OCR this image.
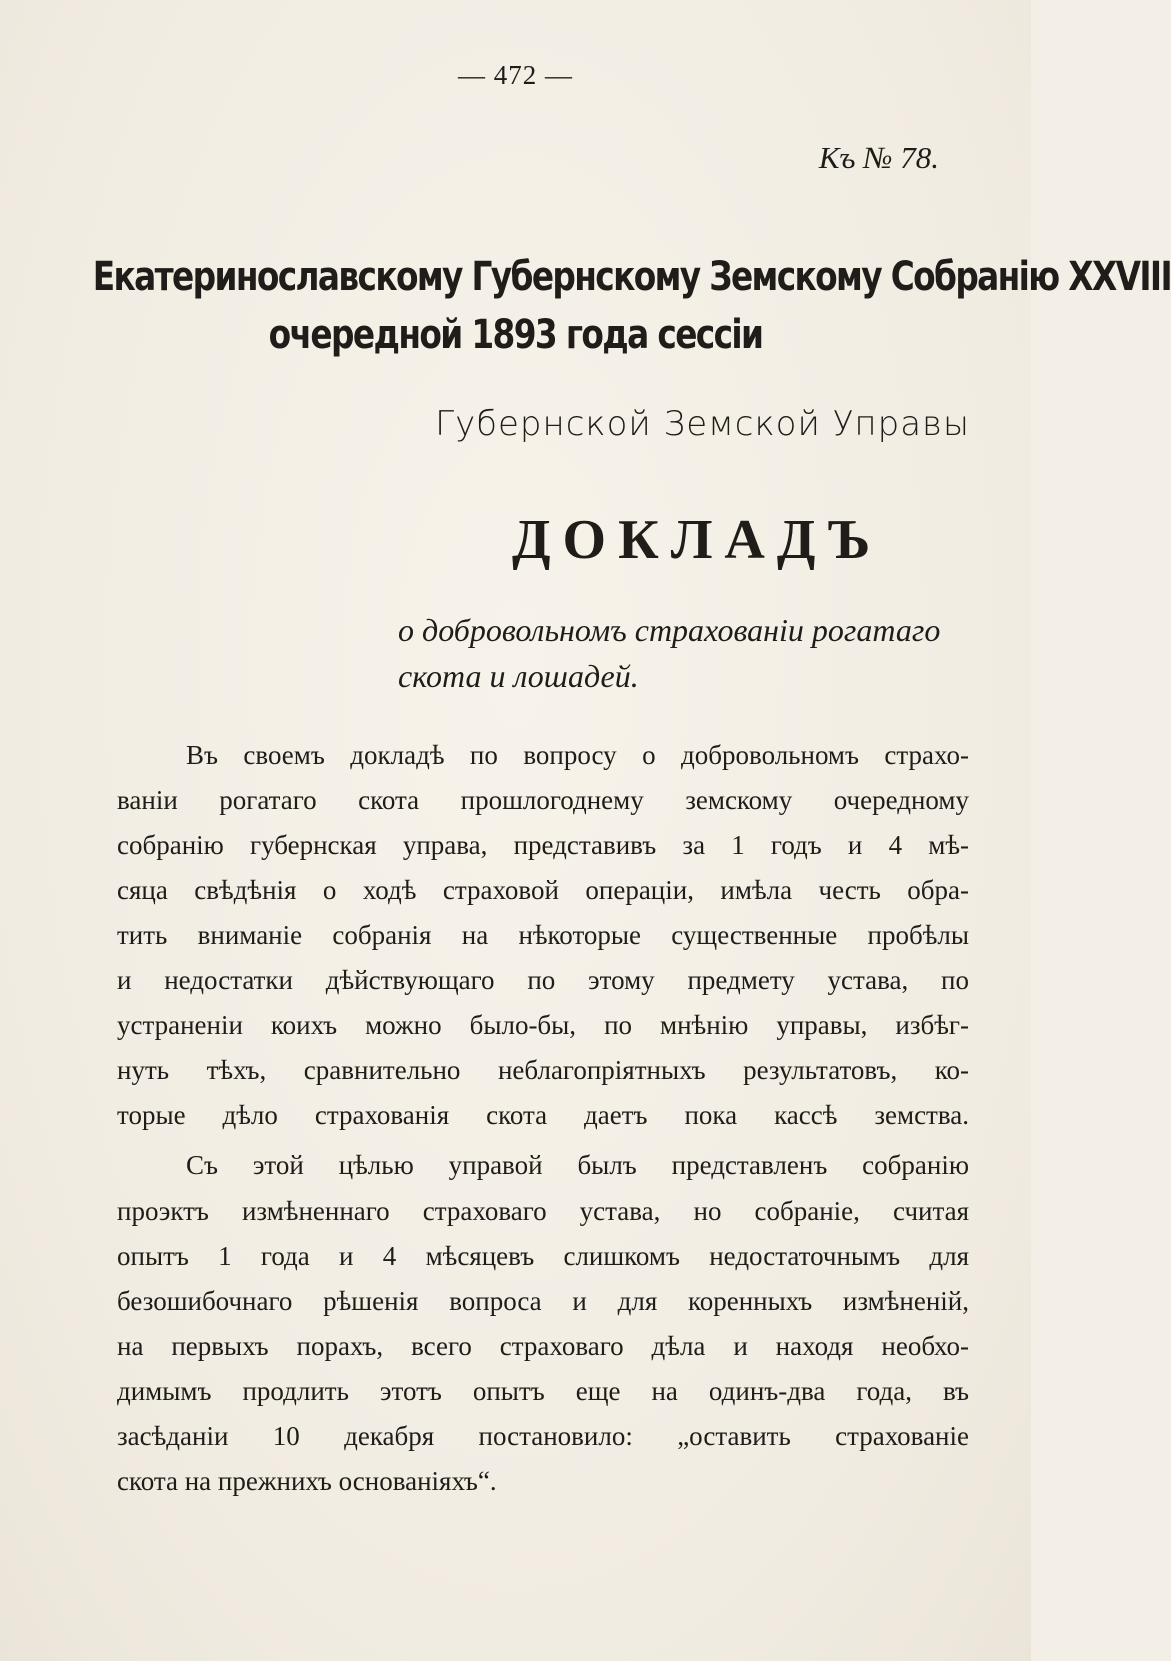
— 472 —
Къ № 78.
Екатеринославскому Губернскому Земскому Собранію XXVIII
очередной 1893 года сессіи
Губернской Земской Управы
ДОКЛАДЪ
о добровольномъ страхованіи рогатаго
скота и лошадей.
Въ своемъ докладѣ по вопросу о добровольномъ страхо-
ваніи рогатаго скота прошлогоднему земскому очередному
собранію губернская управа, представивъ за 1 годъ и 4 мѣ-
сяца свѣдѣнія о ходѣ страховой операціи, имѣла честь обра-
тить вниманіе собранія на нѣкоторые существенные пробѣлы
и недостатки дѣйствующаго по этому предмету устава, по
устраненіи коихъ можно было-бы, по мнѣнію управы, избѣг-
нуть тѣхъ, сравнительно неблагопріятныхъ результатовъ, ко-
торые дѣло страхованія скота даетъ пока кассѣ земства.
Съ этой цѣлью управой былъ представленъ собранію
проэктъ измѣненнаго страховаго устава, но собраніе, считая
опытъ 1 года и 4 мѣсяцевъ слишкомъ недостаточнымъ для
безошибочнаго рѣшенія вопроса и для коренныхъ измѣненій,
на первыхъ порахъ, всего страховаго дѣла и находя необхо-
димымъ продлить этотъ опытъ еще на одинъ-два года, въ
засѣданіи 10 декабря постановило: „оставить страхованіе
скота на прежнихъ основаніяхъ“.
